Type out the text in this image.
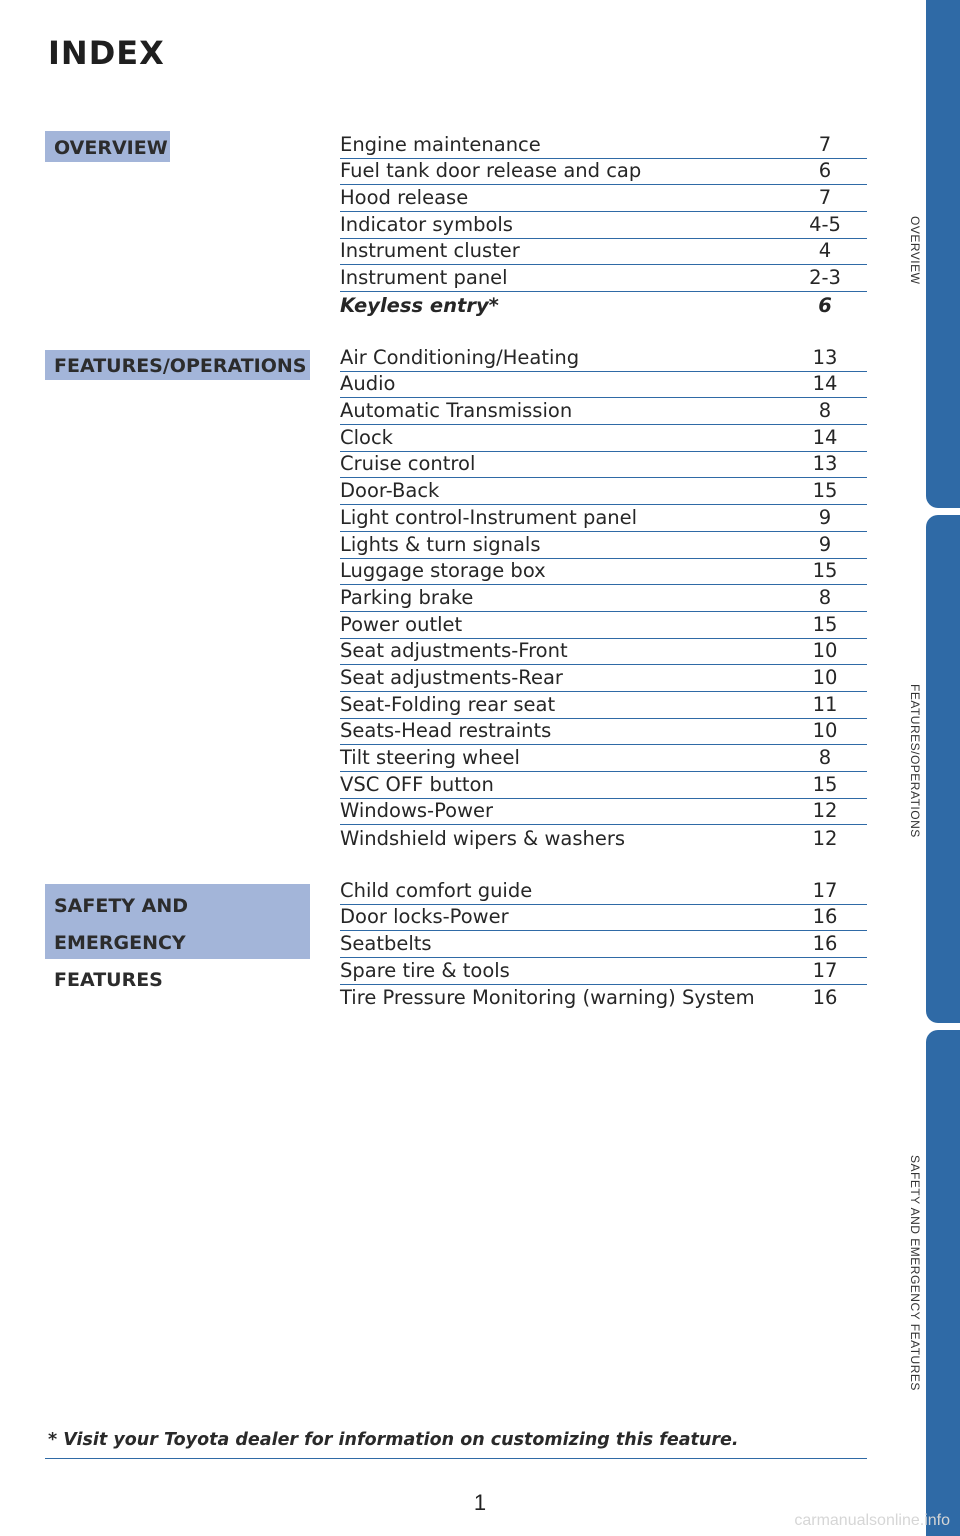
INDEX
OVERVIEW
FEATURES/OPERATIONS
SAFETY AND
EMERGENCY FEATURES
Engine maintenance	7
Fuel tank door release and cap	6
Hood release	7
Indicator symbols	4-5
Instrument cluster	4
Instrument panel	2-3
Keyless entry*	6
Air Conditioning/Heating	13
Audio	14
Automatic Transmission	8
Clock	14
Cruise control	13
Door-Back	15
Light control-Instrument panel	9
Lights & turn signals	9
Luggage storage box	15
Parking brake	8
Power outlet	15
Seat adjustments-Front	10
Seat adjustments-Rear	10
Seat-Folding rear seat	11
Seats-Head restraints	10
Tilt steering wheel	8
VSC OFF button	15
Windows-Power	12
Windshield wipers & washers	12
Child comfort guide	17
Door locks-Power	16
Seatbelts	16
Spare tire & tools	17
Tire Pressure Monitoring (warning) System	16
* Visit your Toyota dealer for information on customizing this feature.
1
OVERVIEW
FEATURES/OPERATIONS
SAFETY AND EMERGENCY FEATURES
carmanualsonline.info
